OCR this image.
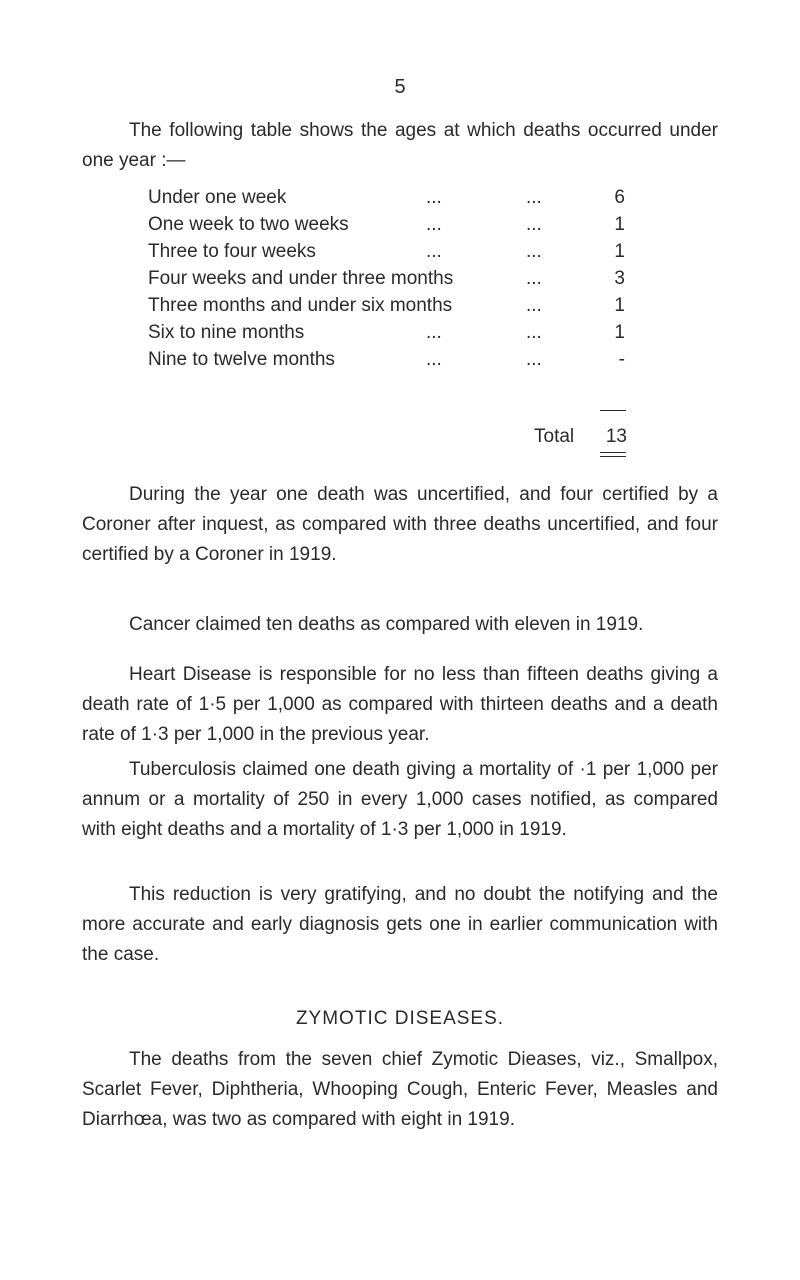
5

The following table shows the ages at which deaths occurred under one year :—

Under one week	...	...	6
One week to two weeks	...	...	1
Three to four weeks	...	...	1
Four weeks and under three months	...	3
Three months and under six months	...	1
Six to nine months	...	...	1
Nine to twelve months	...	...	-
Total	13

During the year one death was uncertified, and four certified by a Coroner after inquest, as compared with three deaths uncertified, and four certified by a Coroner in 1919.

Cancer claimed ten deaths as compared with eleven in 1919.

Heart Disease is responsible for no less than fifteen deaths giving a death rate of 1·5 per 1,000 as compared with thirteen deaths and a death rate of 1·3 per 1,000 in the previous year.

Tuberculosis claimed one death giving a mortality of ·1 per 1,000 per annum or a mortality of 250 in every 1,000 cases notified, as compared with eight deaths and a mortality of 1·3 per 1,000 in 1919.

This reduction is very gratifying, and no doubt the notifying and the more accurate and early diagnosis gets one in earlier communication with the case.

ZYMOTIC DISEASES.

The deaths from the seven chief Zymotic Dieases, viz., Smallpox, Scarlet Fever, Diphtheria, Whooping Cough, Enteric Fever, Measles and Diarrhœa, was two as compared with eight in 1919.
